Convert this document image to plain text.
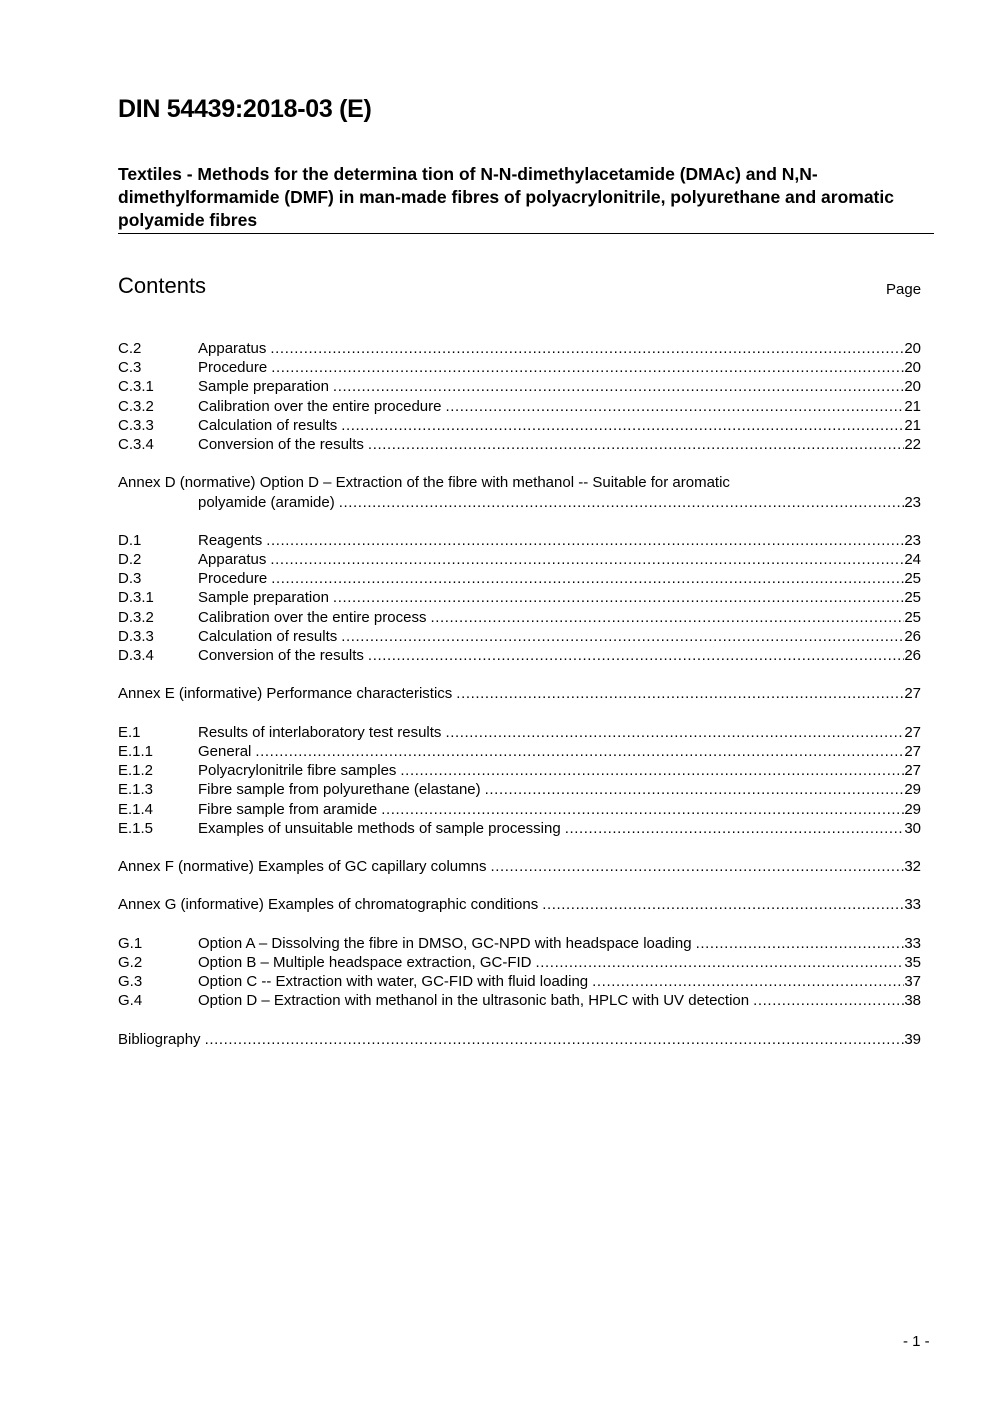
DIN 54439:2018-03 (E)
Textiles - Methods for the determina tion of N-N-dimethylacetamide (DMAc) and N,N-dimethylformamide (DMF) in man-made fibres of polyacrylonitrile, polyurethane and aromatic polyamide fibres
Contents	Page
C.2	Apparatus .....	20
C.3	Procedure .....	20
C.3.1	Sample preparation .....	20
C.3.2	Calibration over the entire procedure .....	21
C.3.3	Calculation of results .....	21
C.3.4	Conversion of the results .....	22
Annex D (normative) Option D – Extraction of the fibre with methanol -- Suitable for aromatic
polyamide (aramide) .....	23
D.1	Reagents .....	23
D.2	Apparatus .....	24
D.3	Procedure .....	25
D.3.1	Sample preparation .....	25
D.3.2	Calibration over the entire process .....	25
D.3.3	Calculation of results .....	26
D.3.4	Conversion of the results .....	26
Annex E (informative) Performance characteristics .....	27
E.1	Results of interlaboratory test results .....	27
E.1.1	General .....	27
E.1.2	Polyacrylonitrile fibre samples .....	27
E.1.3	Fibre sample from polyurethane (elastane) .....	29
E.1.4	Fibre sample from aramide .....	29
E.1.5	Examples of unsuitable methods of sample processing .....	30
Annex F (normative) Examples of GC capillary columns .....	32
Annex G (informative) Examples of chromatographic conditions .....	33
G.1	Option A – Dissolving the fibre in DMSO, GC-NPD with headspace loading .....	33
G.2	Option B – Multiple headspace extraction, GC-FID .....	35
G.3	Option C -- Extraction with water, GC-FID with fluid loading .....	37
G.4	Option D – Extraction with methanol in the ultrasonic bath, HPLC with UV detection .....	38
Bibliography .....	39
- 1 -
